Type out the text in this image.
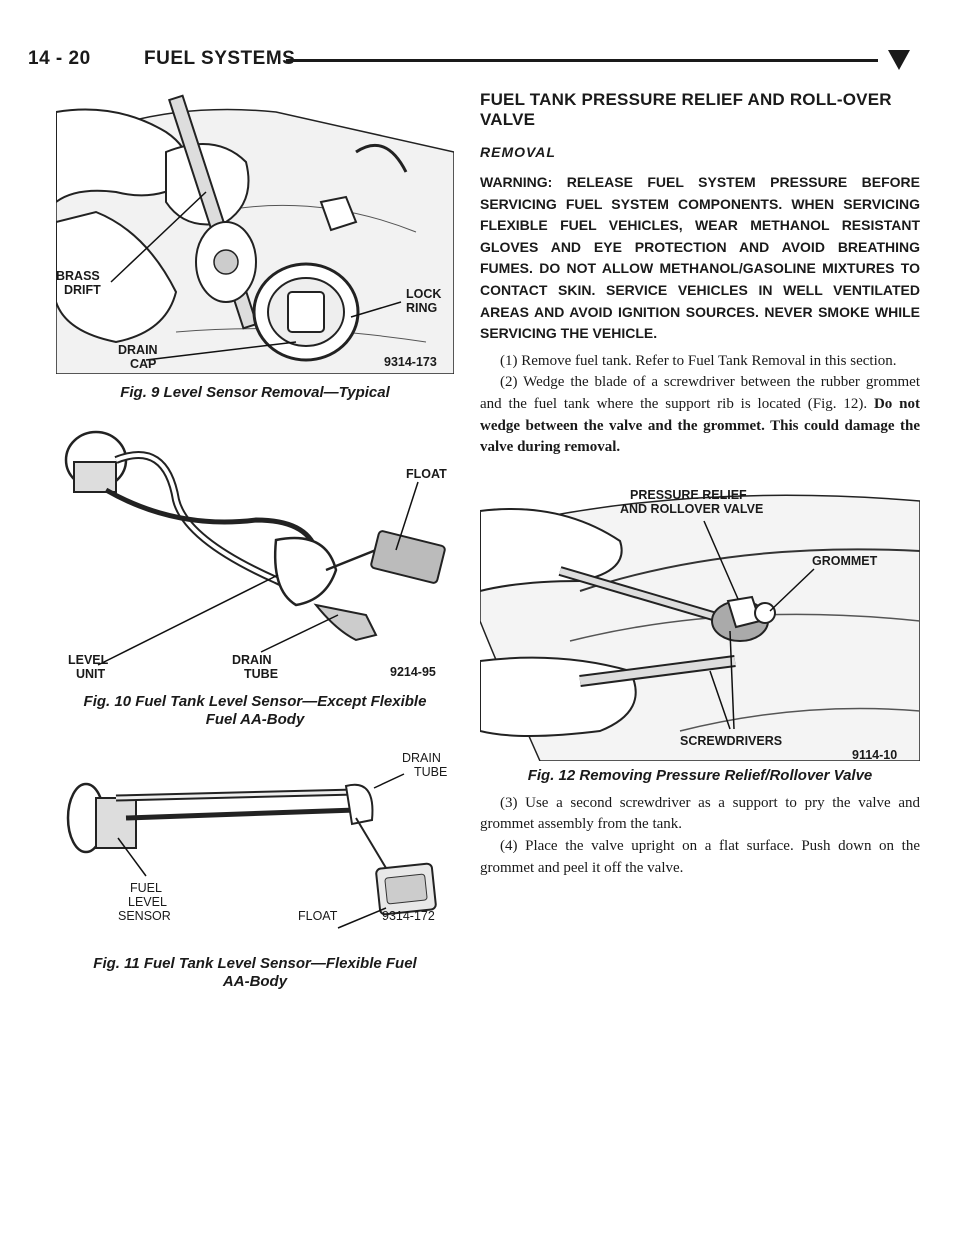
14 - 20	FUEL SYSTEMS
BRASS
DRIFT	LOCK
RING
DRAIN
CAP	9314-173
Fig. 9 Level Sensor Removal—Typical
FLOAT
LEVEL
UNIT
DRAIN
TUBE	9214-95
Fig. 10 Fuel Tank Level Sensor—Except Flexible
Fuel AA-Body
DRAIN
TUBE
FUEL
LEVEL
SENSOR	FLOAT	9314-172
Fig. 11 Fuel Tank Level Sensor—Flexible Fuel
AA-Body
FUEL TANK PRESSURE RELIEF AND ROLL-OVER VALVE
REMOVAL

WARNING: RELEASE FUEL SYSTEM PRESSURE BEFORE SERVICING FUEL SYSTEM COMPONENTS. WHEN SERVICING FLEXIBLE FUEL VEHICLES, WEAR METHANOL RESISTANT GLOVES AND EYE PROTECTION AND AVOID BREATHING FUMES. DO NOT ALLOW METHANOL/GASOLINE MIXTURES TO CONTACT SKIN. SERVICE VEHICLES IN WELL VENTILATED AREAS AND AVOID IGNITION SOURCES. NEVER SMOKE WHILE SERVICING THE VEHICLE.

(1) Remove fuel tank. Refer to Fuel Tank Removal in this section.

(2) Wedge the blade of a screwdriver between the rubber grommet and the fuel tank where the support rib is located (Fig. 12). Do not wedge between the valve and the grommet. This could damage the valve during removal.

PRESSURE RELIEF
AND ROLLOVER VALVE
GROMMET
SCREWDRIVERS
9114-10
Fig. 12 Removing Pressure Relief/Rollover Valve

(3) Use a second screwdriver as a support to pry the valve and grommet assembly from the tank.

(4) Place the valve upright on a flat surface. Push down on the grommet and peel it off the valve.
